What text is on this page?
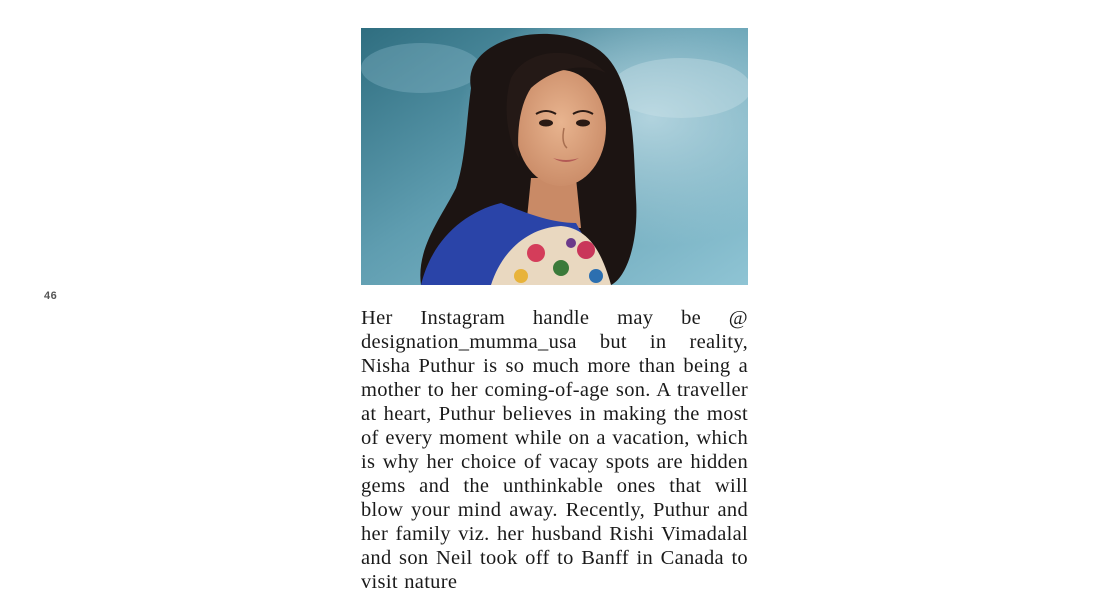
46

Her Instagram handle may be @ designation_mumma_usa but in reality, Nisha Puthur is so much more than being a mother to her coming-of-age son. A traveller at heart, Puthur believes in making the most of every moment while on a vacation, which is why her choice of vacay spots are hidden gems and the unthinkable ones that will blow your mind away. Recently, Puthur and her family viz. her husband Rishi Vimadalal and son Neil took off to Banff in Canada to visit nature
